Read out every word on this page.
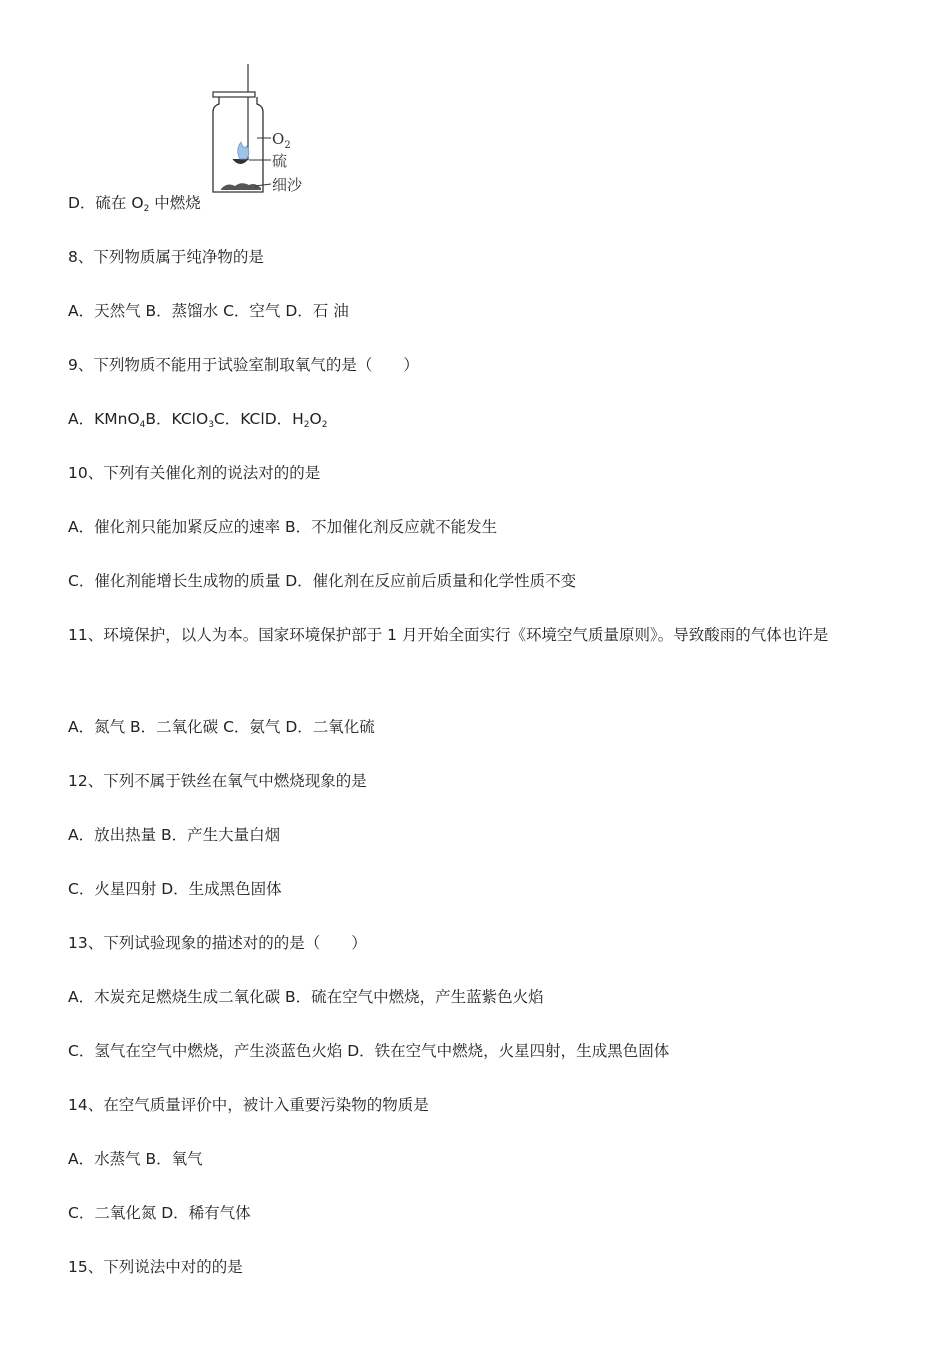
D．硫在 $O_2$ 中燃烧
$O_2$
硫
细沙
8、下列物质属于纯净物的是
A．天然气 B．蒸馏水 C．空气 D．石 油
9、下列物质不能用于试验室制取氧气的是（　　）
A．KMnO$_4$B．KClO$_3$C．KClD．$H_2O_2$
10、下列有关催化剂的说法对的的是
A．催化剂只能加紧反应的速率 B．不加催化剂反应就不能发生
C．催化剂能增长生成物的质量 D．催化剂在反应前后质量和化学性质不变
11、环境保护，以人为本。国家环境保护部于 1 月开始全面实行《环境空气质量原则》。导致酸雨的气体也许是
A．氮气 B．二氧化碳 C．氨气 D．二氧化硫
12、下列不属于铁丝在氧气中燃烧现象的是
A．放出热量 B．产生大量白烟
C．火星四射 D．生成黑色固体
13、下列试验现象的描述对的的是（　　）
A．木炭充足燃烧生成二氧化碳 B．硫在空气中燃烧，产生蓝紫色火焰
C．氢气在空气中燃烧，产生淡蓝色火焰 D．铁在空气中燃烧，火星四射，生成黑色固体
14、在空气质量评价中，被计入重要污染物的物质是
A．水蒸气 B．氧气
C．二氧化氮 D．稀有气体
15、下列说法中对的的是
